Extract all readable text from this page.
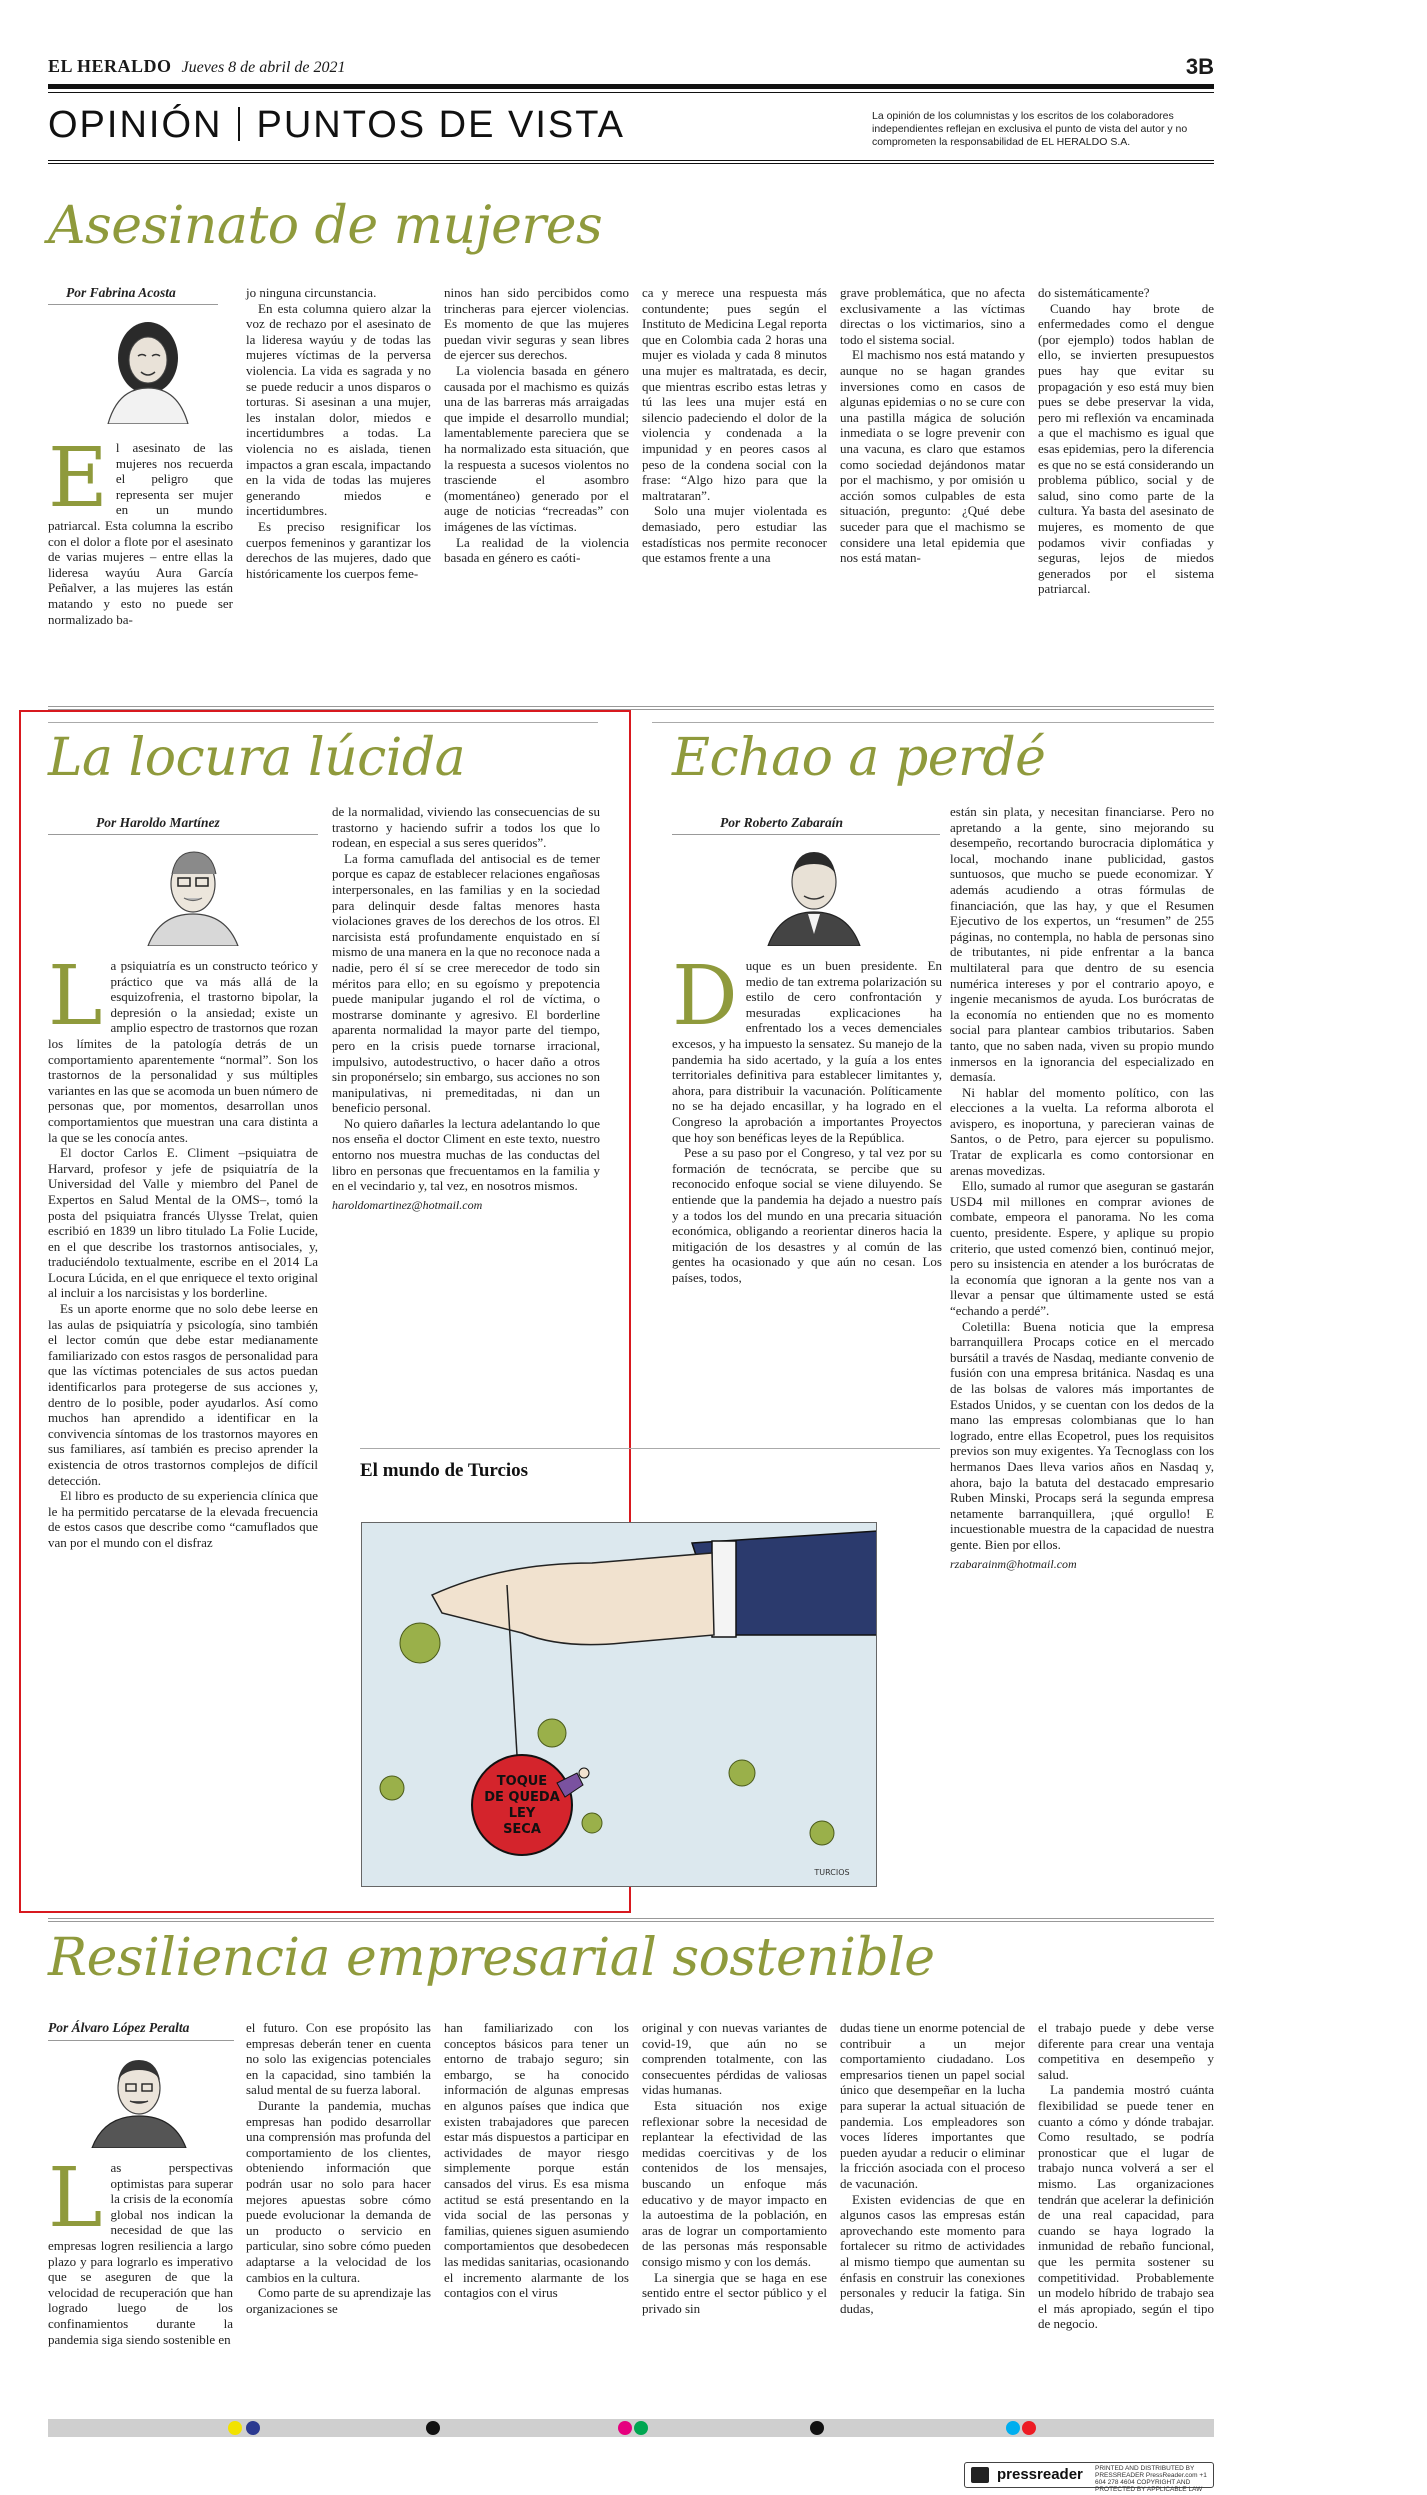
EL HERALDO Jueves 8 de abril de 2021	3B
OPINIÓN PUNTOS DE VISTA	La opinión de los columnistas y los escritos de los colaboradores independientes reflejan en exclusiva el punto de vista del autor y no comprometen la responsabilidad de EL HERALDO S.A.
Asesinato de mujeres
Por Fabrina Acosta

El asesinato de las mujeres nos recuerda el peligro que representa ser mujer en un mundo patriarcal. Esta columna la escribo con el dolor a flote por el asesinato de varias mujeres – entre ellas la lideresa wayúu Aura García Peñalver, a las mujeres las están matando y esto no puede ser normalizado ba-

jo ninguna circunstancia.

En esta columna quiero alzar la voz de rechazo por el asesinato de la lideresa wayúu y de todas las mujeres víctimas de la perversa violencia. La vida es sagrada y no se puede reducir a unos disparos o torturas. Si asesinan a una mujer, les instalan dolor, miedos e incertidumbres a todas. La violencia no es aislada, tienen impactos a gran escala, impactando en la vida de todas las mujeres generando miedos e incertidumbres.

Es preciso resignificar los cuerpos femeninos y garantizar los derechos de las mujeres, dado que históricamente los cuerpos feme-

ninos han sido percibidos como trincheras para ejercer violencias. Es momento de que las mujeres puedan vivir seguras y sean libres de ejercer sus derechos.

La violencia basada en género causada por el machismo es quizás una de las barreras más arraigadas que impide el desarrollo mundial; lamentablemente pareciera que se ha normalizado esta situación, que la respuesta a sucesos violentos no trasciende el asombro (momentáneo) generado por el auge de noticias “recreadas” con imágenes de las víctimas.

La realidad de la violencia basada en género es caóti-

ca y merece una respuesta más contundente; pues según el Instituto de Medicina Legal reporta que en Colombia cada 2 horas una mujer es violada y cada 8 minutos una mujer es maltratada, es decir, que mientras escribo estas letras y tú las lees una mujer está en silencio padeciendo el dolor de la violencia y condenada a la impunidad y en peores casos al peso de la condena social con la frase: “Algo hizo para que la maltrataran”.

Solo una mujer violentada es demasiado, pero estudiar las estadísticas nos permite reconocer que estamos frente a una

grave problemática, que no afecta exclusivamente a las víctimas directas o los victimarios, sino a todo el sistema social.

El machismo nos está matando y aunque no se hagan grandes inversiones como en casos de algunas epidemias o no se cure con una pastilla mágica de solución inmediata o se logre prevenir con una vacuna, es claro que estamos como sociedad dejándonos matar por el machismo, y por omisión u acción somos culpables de esta situación, pregunto: ¿Qué debe suceder para que el machismo se considere una letal epidemia que nos está matan-

do sistemáticamente?

Cuando hay brote de enfermedades como el dengue (por ejemplo) todos hablan de ello, se invierten presupuestos pues hay que evitar su propagación y eso está muy bien pues se debe preservar la vida, pero mi reflexión va encaminada a que el machismo es igual que esas epidemias, pero la diferencia es que no se está considerando un problema público, social y de salud, sino como parte de la cultura. Ya basta del asesinato de mujeres, es momento de que podamos vivir confiadas y seguras, lejos de miedos generados por el sistema patriarcal.

La locura lúcida
Por Haroldo Martínez

La psiquiatría es un constructo teórico y práctico que va más allá de la esquizofrenia, el trastorno bipolar, la depresión o la ansiedad; existe un amplio espectro de trastornos que rozan los límites de la patología detrás de un comportamiento aparentemente “normal”. Son los trastornos de la personalidad y sus múltiples variantes en las que se acomoda un buen número de personas que, por momentos, desarrollan unos comportamientos que muestran una cara distinta a la que se les conocía antes.

El doctor Carlos E. Climent –psiquiatra de Harvard, profesor y jefe de psiquiatría de la Universidad del Valle y miembro del Panel de Expertos en Salud Mental de la OMS–, tomó la posta del psiquiatra francés Ulysse Trelat, quien escribió en 1839 un libro titulado La Folie Lucide, en el que describe los trastornos antisociales, y, traduciéndolo textualmente, escribe en el 2014 La Locura Lúcida, en el que enriquece el texto original al incluir a los narcisistas y los borderline.

Es un aporte enorme que no solo debe leerse en las aulas de psiquiatría y psicología, sino también el lector común que debe estar medianamente familiarizado con estos rasgos de personalidad para que las víctimas potenciales de sus actos puedan identificarlos para protegerse de sus acciones y, dentro de lo posible, poder ayudarlos. Así como muchos han aprendido a identificar en la convivencia síntomas de los trastornos mayores en sus familiares, así también es preciso aprender la existencia de otros trastornos complejos de difícil detección.

El libro es producto de su experiencia clínica que le ha permitido percatarse de la elevada frecuencia de estos casos que describe como “camuflados que van por el mundo con el disfraz

de la normalidad, viviendo las consecuencias de su trastorno y haciendo sufrir a todos los que lo rodean, en especial a sus seres queridos”.

La forma camuflada del antisocial es de temer porque es capaz de establecer relaciones engañosas interpersonales, en las familias y en la sociedad para delinquir desde faltas menores hasta violaciones graves de los derechos de los otros. El narcisista está profundamente enquistado en sí mismo de una manera en la que no reconoce nada a nadie, pero él sí se cree merecedor de todo sin méritos para ello; en su egoísmo y prepotencia puede manipular jugando el rol de víctima, o mostrarse dominante y agresivo. El borderline aparenta normalidad la mayor parte del tiempo, pero en la crisis puede tornarse irracional, impulsivo, autodestructivo, o hacer daño a otros sin proponérselo; sin embargo, sus acciones no son manipulativas, ni premeditadas, ni dan un beneficio personal.

No quiero dañarles la lectura adelantando lo que nos enseña el doctor Climent en este texto, nuestro entorno nos muestra muchas de las conductas del libro en personas que frecuentamos en la familia y en el vecindario y, tal vez, en nosotros mismos.

haroldomartinez@hotmail.com

Echao a perdé
Por Roberto Zabaraín

Duque es un buen presidente. En medio de tan extrema polarización su estilo de cero confrontación y mesuradas explicaciones ha enfrentado los a veces demenciales excesos, y ha impuesto la sensatez. Su manejo de la pandemia ha sido acertado, y la guía a los entes territoriales definitiva para establecer limitantes y, ahora, para distribuir la vacunación. Políticamente no se ha dejado encasillar, y ha logrado en el Congreso la aprobación a importantes Proyectos que hoy son benéficas leyes de la República.

Pese a su paso por el Congreso, y tal vez por su formación de tecnócrata, se percibe que su reconocido enfoque social se viene diluyendo. Se entiende que la pandemia ha dejado a nuestro país y a todos los del mundo en una precaria situación económica, obligando a reorientar dineros hacia la mitigación de los desastres y al común de las gentes ha ocasionado y que aún no cesan. Los países, todos,

están sin plata, y necesitan financiarse. Pero no apretando a la gente, sino mejorando su desempeño, recortando burocracia diplomática y local, mochando inane publicidad, gastos suntuosos, que mucho se puede economizar. Y además acudiendo a otras fórmulas de financiación, que las hay, y que el Resumen Ejecutivo de los expertos, un “resumen” de 255 páginas, no contempla, no habla de personas sino de tributantes, ni pide enfrentar a la banca multilateral para que dentro de su esencia numérica intereses y por el contrario apoyo, e ingenie mecanismos de ayuda. Los burócratas de la economía no entienden que no es momento social para plantear cambios tributarios. Saben tanto, que no saben nada, viven su propio mundo inmersos en la ignorancia del especializado en demasía.

Ni hablar del momento político, con las elecciones a la vuelta. La reforma alborota el avispero, es inoportuna, y parecieran vainas de Santos, o de Petro, para ejercer su populismo. Tratar de explicarla es como contorsionar en arenas movedizas.

Ello, sumado al rumor que aseguran se gastarán USD4 mil millones en comprar aviones de combate, empeora el panorama. No les coma cuento, presidente. Espere, y aplique su propio criterio, que usted comenzó bien, continuó mejor, pero su insistencia en atender a los burócratas de la economía que ignoran a la gente nos van a llevar a pensar que últimamente usted se está “echando a perdé”.

Coletilla: Buena noticia que la empresa barranquillera Procaps cotice en el mercado bursátil a través de Nasdaq, mediante convenio de fusión con una empresa británica. Nasdaq es una de las bolsas de valores más importantes de Estados Unidos, y se cuentan con los dedos de la mano las empresas colombianas que lo han logrado, entre ellas Ecopetrol, pues los requisitos previos son muy exigentes. Ya Tecnoglass con los hermanos Daes lleva varios años en Nasdaq y, ahora, bajo la batuta del destacado empresario Ruben Minski, Procaps será la segunda empresa netamente barranquillera, ¡qué orgullo! E incuestionable muestra de la capacidad de nuestra gente. Bien por ellos.

rzabarainm@hotmail.com

El mundo de Turcios
TOQUE
DE QUEDA
LEY
SECA
TURCIOS
Resiliencia empresarial sostenible
Por Álvaro López Peralta

Las perspectivas optimistas para superar la crisis de la economía global nos indican la necesidad de que las empresas logren resiliencia a largo plazo y para lograrlo es imperativo que se aseguren de que la velocidad de recuperación que han logrado luego de los confinamientos durante la pandemia siga siendo sostenible en

el futuro. Con ese propósito las empresas deberán tener en cuenta no solo las exigencias potenciales en la capacidad, sino también la salud mental de su fuerza laboral.

Durante la pandemia, muchas empresas han podido desarrollar una comprensión mas profunda del comportamiento de los clientes, obteniendo información que podrán usar no solo para hacer mejores apuestas sobre cómo puede evolucionar la demanda de un producto o servicio en particular, sino sobre cómo pueden adaptarse a la velocidad de los cambios en la cultura.

Como parte de su aprendizaje las organizaciones se

han familiarizado con los conceptos básicos para tener un entorno de trabajo seguro; sin embargo, se ha conocido información de algunas empresas en algunos países que indica que existen trabajadores que parecen estar más dispuestos a participar en actividades de mayor riesgo simplemente porque están cansados del virus. Es esa misma actitud se está presentando en la vida social de las personas y familias, quienes siguen asumiendo comportamientos que desobedecen las medidas sanitarias, ocasionando el incremento alarmante de los contagios con el virus

original y con nuevas variantes de covid-19, que aún no se comprenden totalmente, con las consecuentes pérdidas de valiosas vidas humanas.

Esta situación nos exige reflexionar sobre la necesidad de replantear la efectividad de las medidas coercitivas y de los contenidos de los mensajes, buscando un enfoque más educativo y de mayor impacto en la autoestima de la población, en aras de lograr un comportamiento de las personas más responsable consigo mismo y con los demás.

La sinergia que se haga en ese sentido entre el sector público y el privado sin

dudas tiene un enorme potencial de contribuir a un mejor comportamiento ciudadano. Los empresarios tienen un papel social único que desempeñar en la lucha para superar la actual situación de pandemia. Los empleadores son voces líderes importantes que pueden ayudar a reducir o eliminar la fricción asociada con el proceso de vacunación.

Existen evidencias de que en algunos casos las empresas están aprovechando este momento para fortalecer su ritmo de actividades al mismo tiempo que aumentan su énfasis en construir las conexiones personales y reducir la fatiga. Sin dudas,

el trabajo puede y debe verse diferente para crear una ventaja competitiva en desempeño y salud.

La pandemia mostró cuánta flexibilidad se puede tener en cuanto a cómo y dónde trabajar. Como resultado, se podría pronosticar que el lugar de trabajo nunca volverá a ser el mismo. Las organizaciones tendrán que acelerar la definición de una real capacidad, para cuando se haya logrado la inmunidad de rebaño funcional, que les permita sostener su competitividad. Probablemente un modelo híbrido de trabajo sea el más apropiado, según el tipo de negocio.

pressreader PRINTED AND DISTRIBUTED BY PRESSREADER PressReader.com +1 604 278 4604 COPYRIGHT AND PROTECTED BY APPLICABLE LAW
